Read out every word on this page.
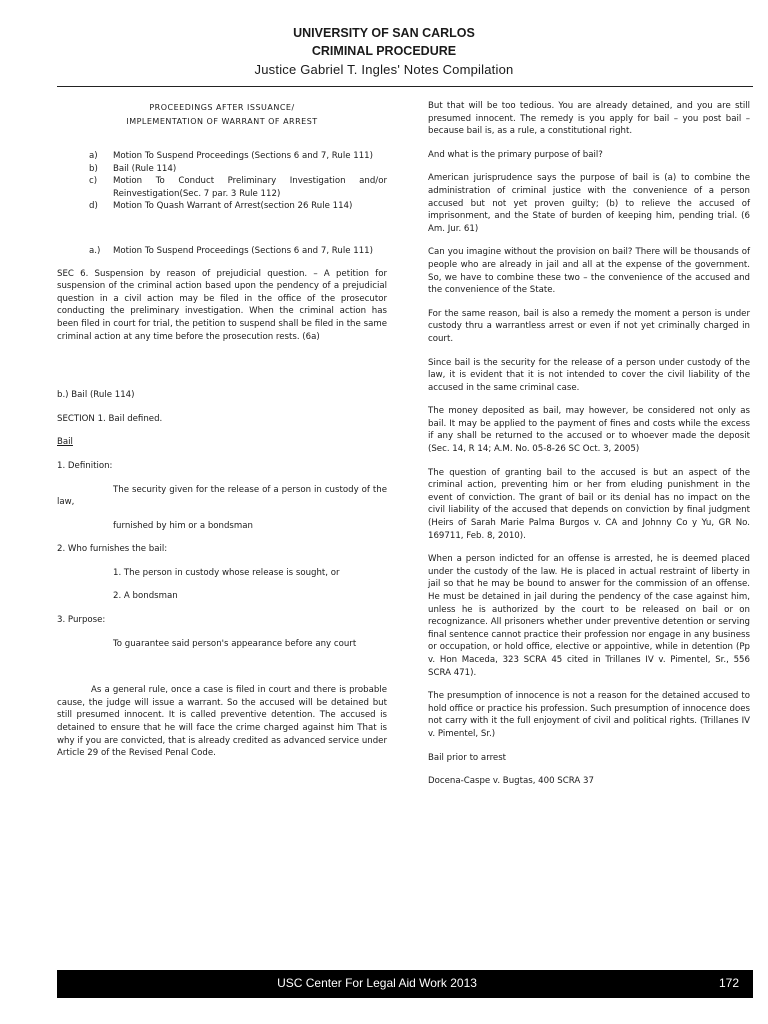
UNIVERSITY OF SAN CARLOS
CRIMINAL PROCEDURE
Justice Gabriel T. Ingles' Notes Compilation
PROCEEDINGS AFTER ISSUANCE/
IMPLEMENTATION OF WARRANT OF ARREST
a) Motion To Suspend Proceedings (Sections 6 and 7, Rule 111)
b) Bail (Rule 114)
c) Motion To Conduct Preliminary Investigation and/or Reinvestigation(Sec. 7 par. 3 Rule 112)
d) Motion To Quash Warrant of Arrest(section 26 Rule 114)
a.) Motion To Suspend Proceedings (Sections 6 and 7, Rule 111)

SEC 6. Suspension by reason of prejudicial question. – A petition for suspension of the criminal action based upon the pendency of a prejudicial question in a civil action may be filed in the office of the prosecutor conducting the preliminary investigation. When the criminal action has been filed in court for trial, the petition to suspend shall be filed in the same criminal action at any time before the prosecution rests. (6a)

b.) Bail (Rule 114)

SECTION 1. Bail defined.

Bail

1. Definition:

The security given for the release of a person in custody of the law,

furnished by him or a bondsman

2. Who furnishes the bail:

1. The person in custody whose release is sought, or

2. A bondsman

3. Purpose:

To guarantee said person's appearance before any court

As a general rule, once a case is filed in court and there is probable cause, the judge will issue a warrant. So the accused will be detained but still presumed innocent. It is called preventive detention. The accused is detained to ensure that he will face the crime charged against him That is why if you are convicted, that is already credited as advanced service under Article 29 of the Revised Penal Code.

But that will be too tedious. You are already detained, and you are still presumed innocent. The remedy is you apply for bail – you post bail – because bail is, as a rule, a constitutional right.

And what is the primary purpose of bail?

American jurisprudence says the purpose of bail is (a) to combine the administration of criminal justice with the convenience of a person accused but not yet proven guilty; (b) to relieve the accused of imprisonment, and the State of burden of keeping him, pending trial. (6 Am. Jur. 61)

Can you imagine without the provision on bail? There will be thousands of people who are already in jail and all at the expense of the government. So, we have to combine these two – the convenience of the accused and the convenience of the State.

For the same reason, bail is also a remedy the moment a person is under custody thru a warrantless arrest or even if not yet criminally charged in court.

Since bail is the security for the release of a person under custody of the law, it is evident that it is not intended to cover the civil liability of the accused in the same criminal case.

The money deposited as bail, may however, be considered not only as bail. It may be applied to the payment of fines and costs while the excess if any shall be returned to the accused or to whoever made the deposit (Sec. 14, R 14; A.M. No. 05-8-26 SC Oct. 3, 2005)

The question of granting bail to the accused is but an aspect of the criminal action, preventing him or her from eluding punishment in the event of conviction. The grant of bail or its denial has no impact on the civil liability of the accused that depends on conviction by final judgment (Heirs of Sarah Marie Palma Burgos v. CA and Johnny Co y Yu, GR No. 169711, Feb. 8, 2010).

When a person indicted for an offense is arrested, he is deemed placed under the custody of the law. He is placed in actual restraint of liberty in jail so that he may be bound to answer for the commission of an offense. He must be detained in jail during the pendency of the case against him, unless he is authorized by the court to be released on bail or on recognizance. All prisoners whether under preventive detention or serving final sentence cannot practice their profession nor engage in any business or occupation, or hold office, elective or appointive, while in detention (Pp v. Hon Maceda, 323 SCRA 45 cited in Trillanes IV v. Pimentel, Sr., 556 SCRA 471).

The presumption of innocence is not a reason for the detained accused to hold office or practice his profession. Such presumption of innocence does not carry with it the full enjoyment of civil and political rights. (Trillanes IV v. Pimentel, Sr.)

Bail prior to arrest

Docena-Caspe v. Bugtas, 400 SCRA 37

USC Center For Legal Aid Work 2013	172
